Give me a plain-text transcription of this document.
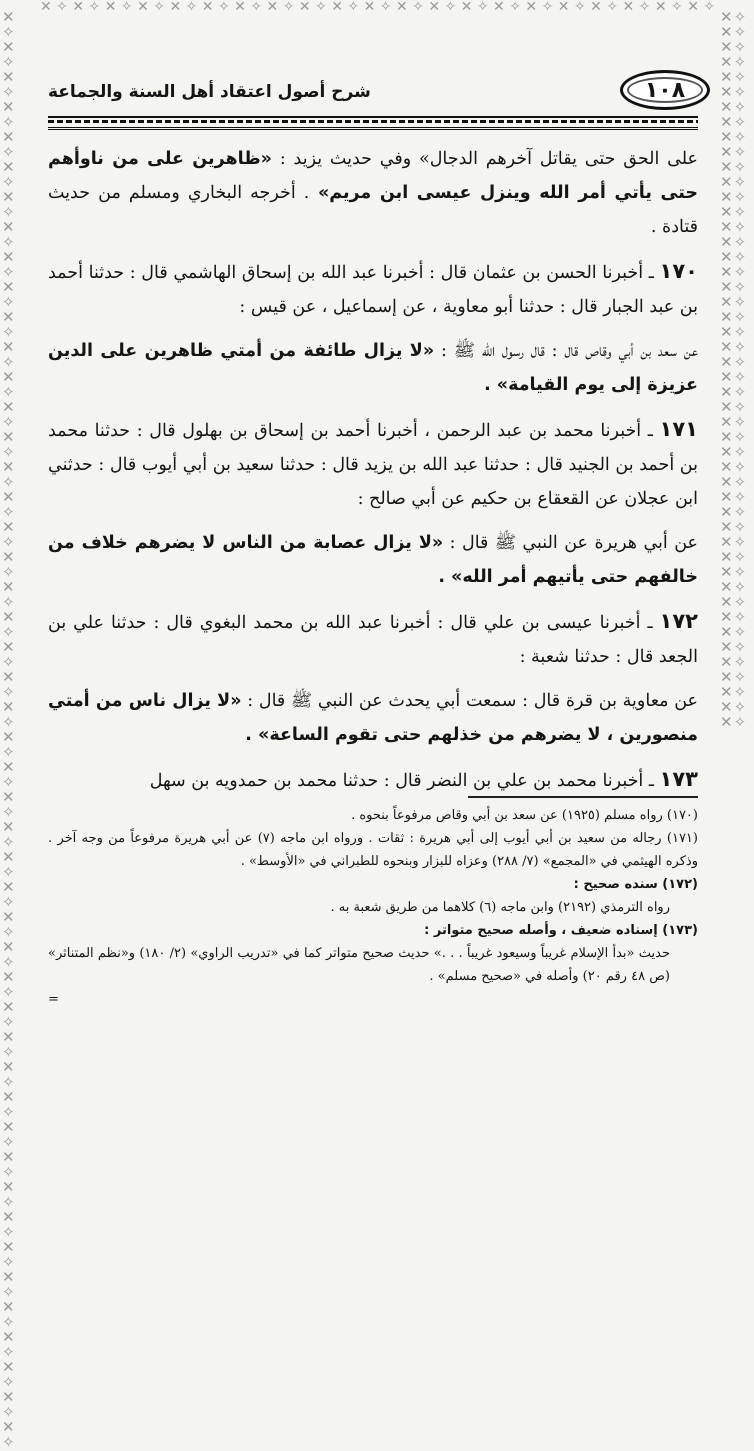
✕ ✧ ✕ ✧ ✕ ✧ ✕ ✧ ✕ ✧ ✕ ✧ ✕ ✧ ✕ ✧ ✕ ✧ ✕ ✧ ✕ ✧ ✕ ✧ ✕ ✧ ✕ ✧ ✕ ✧ ✕ ✧ ✕ ✧ ✕ ✧ ✕ ✧ ✕ ✧ ✕ ✧
✕✧✕✧✕✧✕✧✕✧✕✧✕✧✕✧✕✧✕✧✕✧✕✧✕✧✕✧✕✧✕✧✕✧✕✧✕✧✕✧✕✧✕✧✕✧✕✧✕✧✕✧✕✧✕✧✕✧✕✧✕✧✕✧✕✧✕✧✕✧✕✧✕✧✕✧✕✧✕✧✕✧✕✧✕✧✕✧✕✧✕✧✕✧✕✧
✕✧✕✧✕✧✕✧✕✧✕✧✕✧✕✧✕✧✕✧✕✧✕✧✕✧✕✧✕✧✕✧✕✧✕✧✕✧✕✧✕✧✕✧✕✧✕✧✕✧✕✧✕✧✕✧✕✧✕✧✕✧✕✧✕✧✕✧✕✧✕✧✕✧✕✧✕✧✕✧✕✧✕✧✕✧✕✧✕✧✕✧✕✧✕✧
١٠٨
شرح أصول اعتقاد أهل السنة والجماعة

على الحق حتى يقاتل آخرهم الدجال» وفي حديث يزيد : «ظاهرين على من ناوأهم حتى يأتي أمر الله وينزل عيسى ابن مريم» . أخرجه البخاري ومسلم من حديث قتادة .

١٧٠ ـ أخبرنا الحسن بن عثمان قال : أخبرنا عبد الله بن إسحاق الهاشمي قال : حدثنا أحمد بن عبد الجبار قال : حدثنا أبو معاوية ، عن إسماعيل ، عن قيس :

عن سعد بن أبي وقاص قال : قال رسول الله ﷺ : «لا يزال طائفة من أمتي ظاهرين على الدين عزيزة إلى يوم القيامة» .

١٧١ ـ أخبرنا محمد بن عبد الرحمن ، أخبرنا أحمد بن إسحاق بن بهلول قال : حدثنا محمد بن أحمد بن الجنيد قال : حدثنا عبد الله بن يزيد قال : حدثنا سعيد بن أبي أيوب قال : حدثني ابن عجلان عن القعقاع بن حكيم عن أبي صالح :

عن أبي هريرة عن النبي ﷺ قال : «لا يزال عصابة من الناس لا يضرهم خلاف من خالفهم حتى يأتيهم أمر الله» .

١٧٢ ـ أخبرنا عيسى بن علي قال : أخبرنا عبد الله بن محمد البغوي قال : حدثنا علي بن الجعد قال : حدثنا شعبة :

عن معاوية بن قرة قال : سمعت أبي يحدث عن النبي ﷺ قال : «لا يزال ناس من أمتي منصورين ، لا يضرهم من خذلهم حتى تقوم الساعة» .

١٧٣ ـ أخبرنا محمد بن علي بن النضر قال : حدثنا محمد بن حمدويه بن سهل

(١٧٠) رواه مسلم (١٩٢٥) عن سعد بن أبي وقاص مرفوعاً بنحوه .

(١٧١) رجاله من سعيد بن أبي أيوب إلى أبي هريرة : ثقات . ورواه ابن ماجه (٧) عن أبي هريرة مرفوعاً من وجه آخر . وذكره الهيثمي في «المجمع» (٧/ ٢٨٨) وعزاه للبزار وبنحوه للطبراني في «الأوسط» .

(١٧٢) سنده صحيح :

رواه الترمذي (٢١٩٢) وابن ماجه (٦) كلاهما من طريق شعبة به .

(١٧٣) إسناده ضعيف ، وأصله صحيح متواتر :

حديث «بدأ الإسلام غريباً وسيعود غريباً . . .» حديث صحيح متواتر كما في «تدريب الراوي» (٢/ ١٨٠) و«نظم المتناثر» (ص ٤٨ رقم ٢٠) وأصله في «صحيح مسلم» .

=
